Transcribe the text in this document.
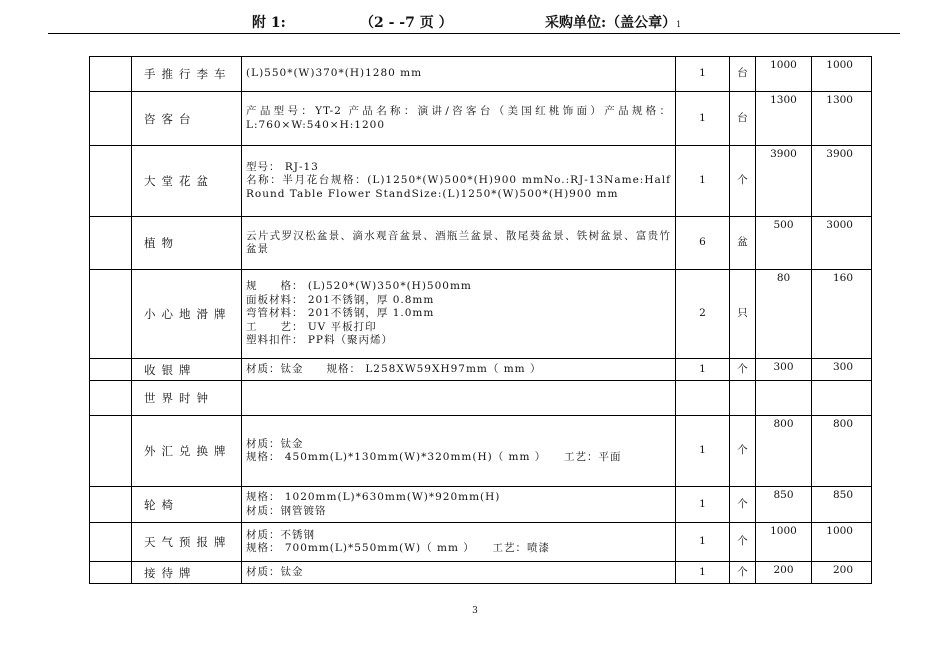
附 1:	（2 - -7 页 ）	采购单位:（盖公章）1
	手推行李车	(L)550*(W)370*(H)1280 mm	1	台	1000	1000
	咨客台	产品型号：YT-2 产品名称：演讲/咨客台（美国红桃饰面）产品规格：L:760×W:540×H:1200	1	台	1300	1300
	大堂花盆	型号： RJ-13
名称：半月花台规格：(L)1250*(W)500*(H)900 mmNo.:RJ-13Name:Half Round Table Flower StandSize:(L)1250*(W)500*(H)900 mm	1	个	3900	3900
	植物	云片式罗汉松盆景、滴水观音盆景、酒瓶兰盆景、散尾葵盆景、铁树盆景、富贵竹盆景	6	盆	500	3000
	小心地滑牌	规　　格： (L)520*(W)350*(H)500mm
面板材料： 201不锈钢，厚 0.8mm
弯管材料： 201不锈钢，厚 1.0mm
工　　艺： UV 平板打印
塑料扣件： PP料（聚丙烯）	2	只	80	160
	收银牌	材质：钛金　　规格： L258XW59XH97mm（ mm ）	1	个	300	300
	世界时钟					
	外汇兑换牌	材质：钛金
规格： 450mm(L)*130mm(W)*320mm(H)（ mm ）　　工艺：平面	1	个	800	800
	轮椅	规格： 1020mm(L)*630mm(W)*920mm(H)
材质：钢管镀铬	1	个	850	850
	天气预报牌	材质：不锈钢
规格： 700mm(L)*550mm(W)（ mm ）　　工艺：喷漆	1	个	1000	1000
	接待牌	材质：钛金	1	个	200	200
3
